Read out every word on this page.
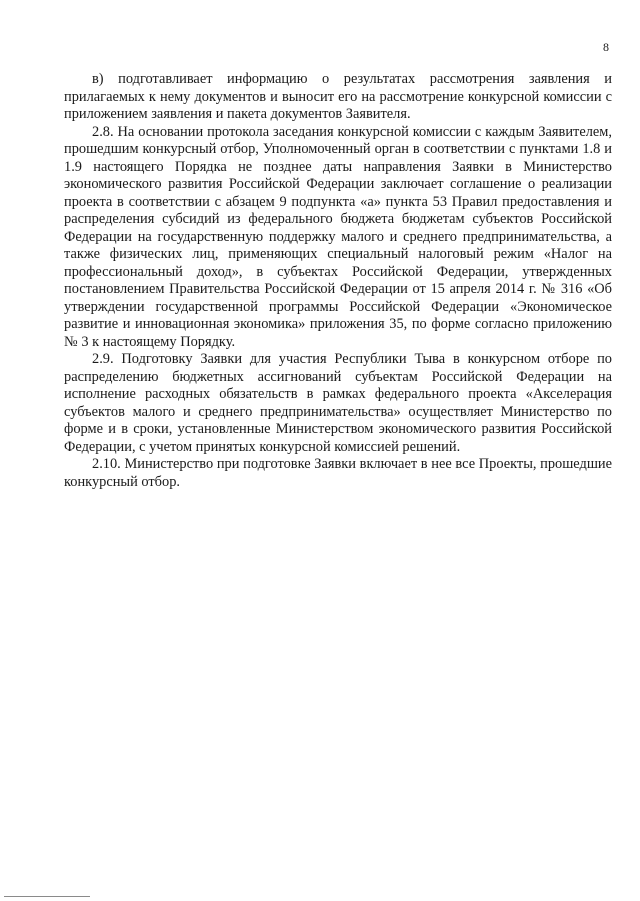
8

в) подготавливает информацию о результатах рассмотрения заявления и прилагаемых к нему документов и выносит его на рассмотрение конкурсной комиссии с приложением заявления и пакета документов Заявителя.

2.8. На основании протокола заседания конкурсной комиссии с каждым Заявителем, прошедшим конкурсный отбор, Уполномоченный орган в соответствии с пунктами 1.8 и 1.9 настоящего Порядка не позднее даты направления Заявки в Министерство экономического развития Российской Федерации заключает соглашение о реализации проекта в соответствии с абзацем 9 подпункта «а» пункта 53 Правил предоставления и распределения субсидий из федерального бюджета бюджетам субъектов Российской Федерации на государственную поддержку малого и среднего предпринимательства, а также физических лиц, применяющих специальный налоговый режим «Налог на профессиональный доход», в субъектах Российской Федерации, утвержденных постановлением Правительства Российской Федерации от 15 апреля 2014 г. № 316 «Об утверждении государственной программы Российской Федерации «Экономическое развитие и инновационная экономика» приложения 35, по форме согласно приложению № 3 к настоящему Порядку.

2.9. Подготовку Заявки для участия Республики Тыва в конкурсном отборе по распределению бюджетных ассигнований субъектам Российской Федерации на исполнение расходных обязательств в рамках федерального проекта «Акселерация субъектов малого и среднего предпринимательства» осуществляет Министерство по форме и в сроки, установленные Министерством экономического развития Российской Федерации, с учетом принятых конкурсной комиссией решений.

2.10. Министерство при подготовке Заявки включает в нее все Проекты, прошедшие конкурсный отбор.
